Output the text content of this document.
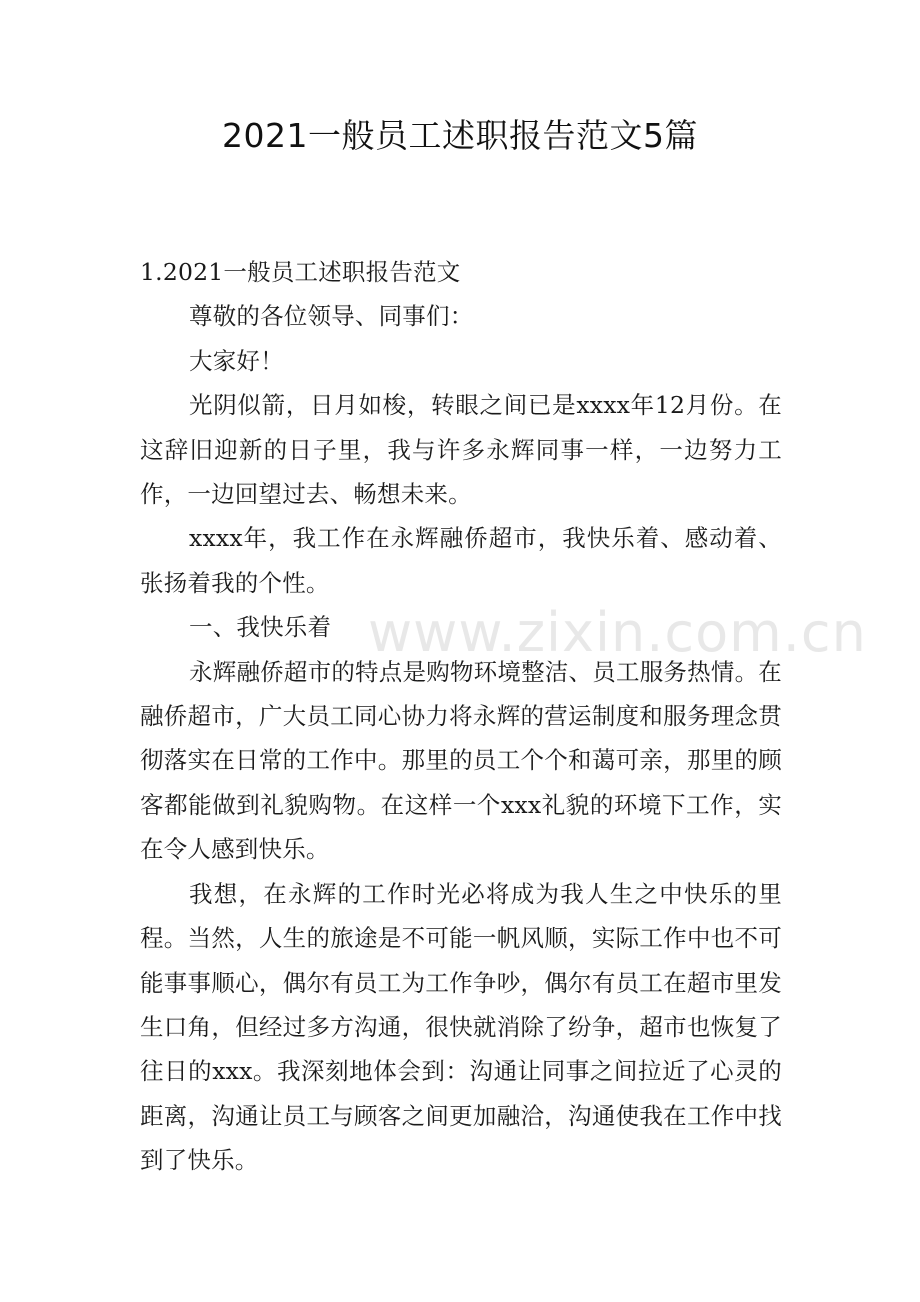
2021一般员工述职报告范文5篇

1.2021一般员工述职报告范文

尊敬的各位领导、同事们：

大家好！

光阴似箭，日月如梭，转眼之间已是xxxx年12月份。在这辞旧迎新的日子里，我与许多永辉同事一样，一边努力工作，一边回望过去、畅想未来。

xxxx年，我工作在永辉融侨超市，我快乐着、感动着、张扬着我的个性。

一、我快乐着

永辉融侨超市的特点是购物环境整洁、员工服务热情。在融侨超市，广大员工同心协力将永辉的营运制度和服务理念贯彻落实在日常的工作中。那里的员工个个和蔼可亲，那里的顾客都能做到礼貌购物。在这样一个xxx礼貌的环境下工作，实在令人感到快乐。

我想，在永辉的工作时光必将成为我人生之中快乐的里程。当然，人生的旅途是不可能一帆风顺，实际工作中也不可能事事顺心，偶尔有员工为工作争吵，偶尔有员工在超市里发生口角，但经过多方沟通，很快就消除了纷争，超市也恢复了往日的xxx。我深刻地体会到：沟通让同事之间拉近了心灵的距离，沟通让员工与顾客之间更加融洽，沟通使我在工作中找到了快乐。

www.zixin.com.cn
